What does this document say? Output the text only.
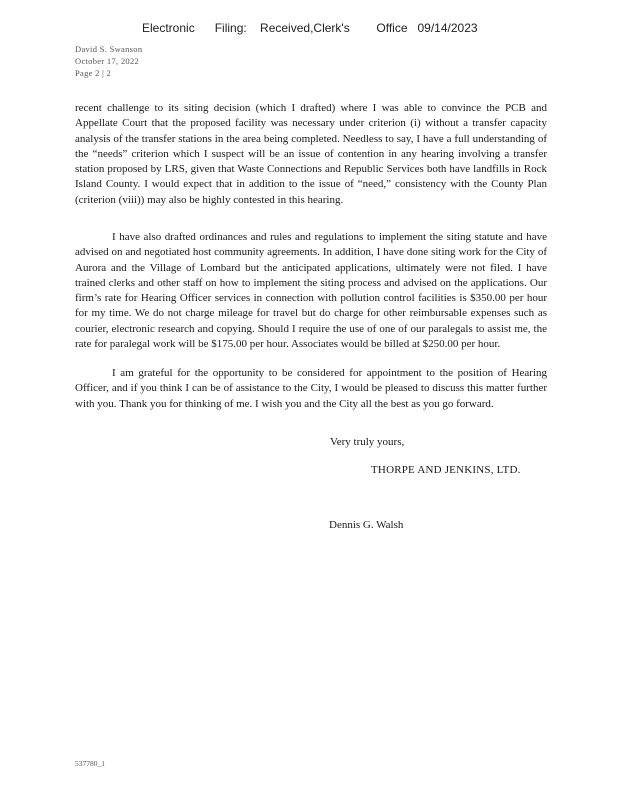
Electronic      Filing:    Received,Clerk's        Office   09/14/2023
David S. Swanson
October 17, 2022
Page 2 | 2

recent challenge to its siting decision (which I drafted) where I was able to convince the PCB and Appellate Court that the proposed facility was necessary under criterion (i) without a transfer capacity analysis of the transfer stations in the area being completed. Needless to say, I have a full understanding of the “needs” criterion which I suspect will be an issue of contention in any hearing involving a transfer station proposed by LRS, given that Waste Connections and Republic Services both have landfills in Rock Island County. I would expect that in addition to the issue of “need,” consistency with the County Plan (criterion (viii)) may also be highly contested in this hearing.

I have also drafted ordinances and rules and regulations to implement the siting statute and have advised on and negotiated host community agreements. In addition, I have done siting work for the City of Aurora and the Village of Lombard but the anticipated applications, ultimately were not filed. I have trained clerks and other staff on how to implement the siting process and advised on the applications. Our firm’s rate for Hearing Officer services in connection with pollution control facilities is $350.00 per hour for my time. We do not charge mileage for travel but do charge for other reimbursable expenses such as courier, electronic research and copying. Should I require the use of one of our paralegals to assist me, the rate for paralegal work will be $175.00 per hour. Associates would be billed at $250.00 per hour.

I am grateful for the opportunity to be considered for appointment to the position of Hearing Officer, and if you think I can be of assistance to the City, I would be pleased to discuss this matter further with you. Thank you for thinking of me. I wish you and the City all the best as you go forward.

Very truly yours,
THORPE AND JENKINS, LTD.
Dennis G. Walsh
537780_1
